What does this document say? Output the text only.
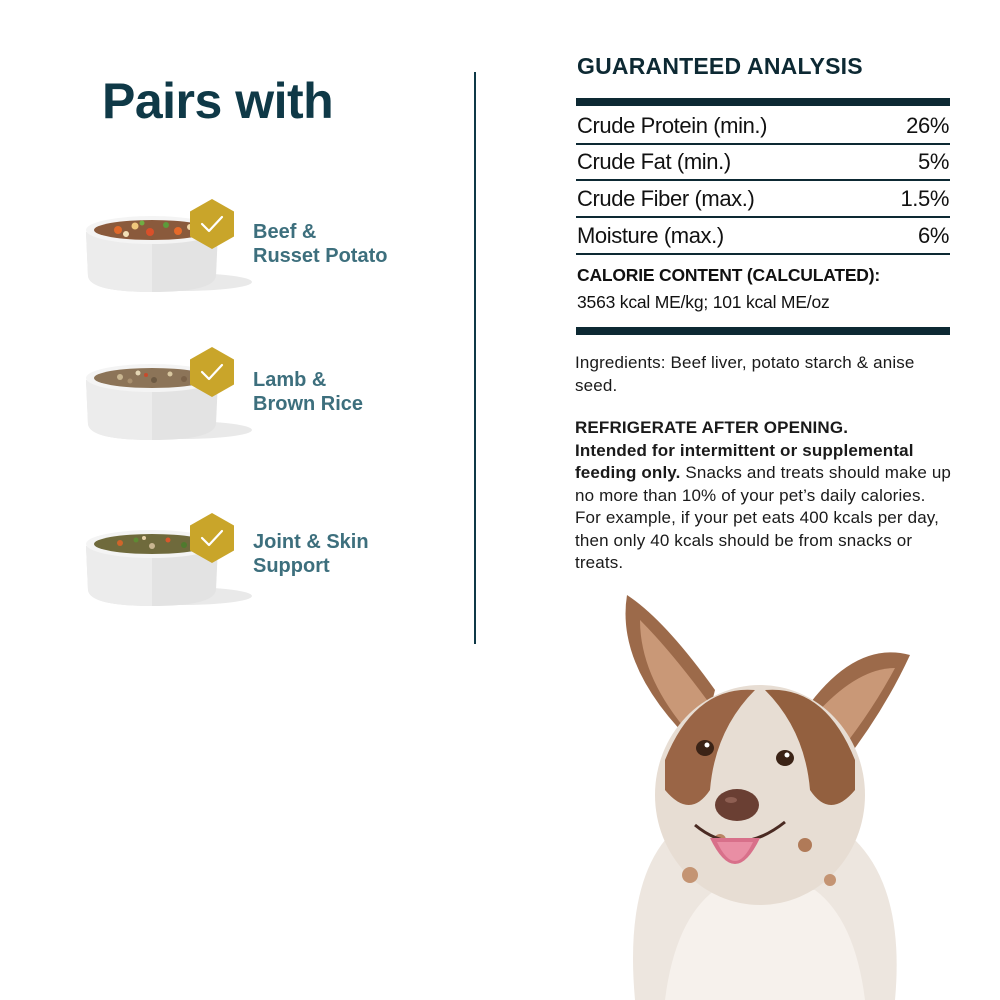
Pairs with
Beef &
Russet Potato
Lamb &
Brown Rice
Joint & Skin
Support
GUARANTEED ANALYSIS
Crude Protein (min.)	26%
Crude Fat (min.)	5%
Crude Fiber (max.)	1.5%
Moisture (max.)	6%
CALORIE CONTENT (CALCULATED):
3563 kcal ME/kg; 101 kcal ME/oz
Ingredients: Beef liver, potato starch & anise seed.
REFRIGERATE AFTER OPENING.
Intended for intermittent or supplemental feeding only. Snacks and treats should make up no more than 10% of your pet’s daily calories. For example, if your pet eats 400 kcals per day, then only 40 kcals should be from snacks or treats.
